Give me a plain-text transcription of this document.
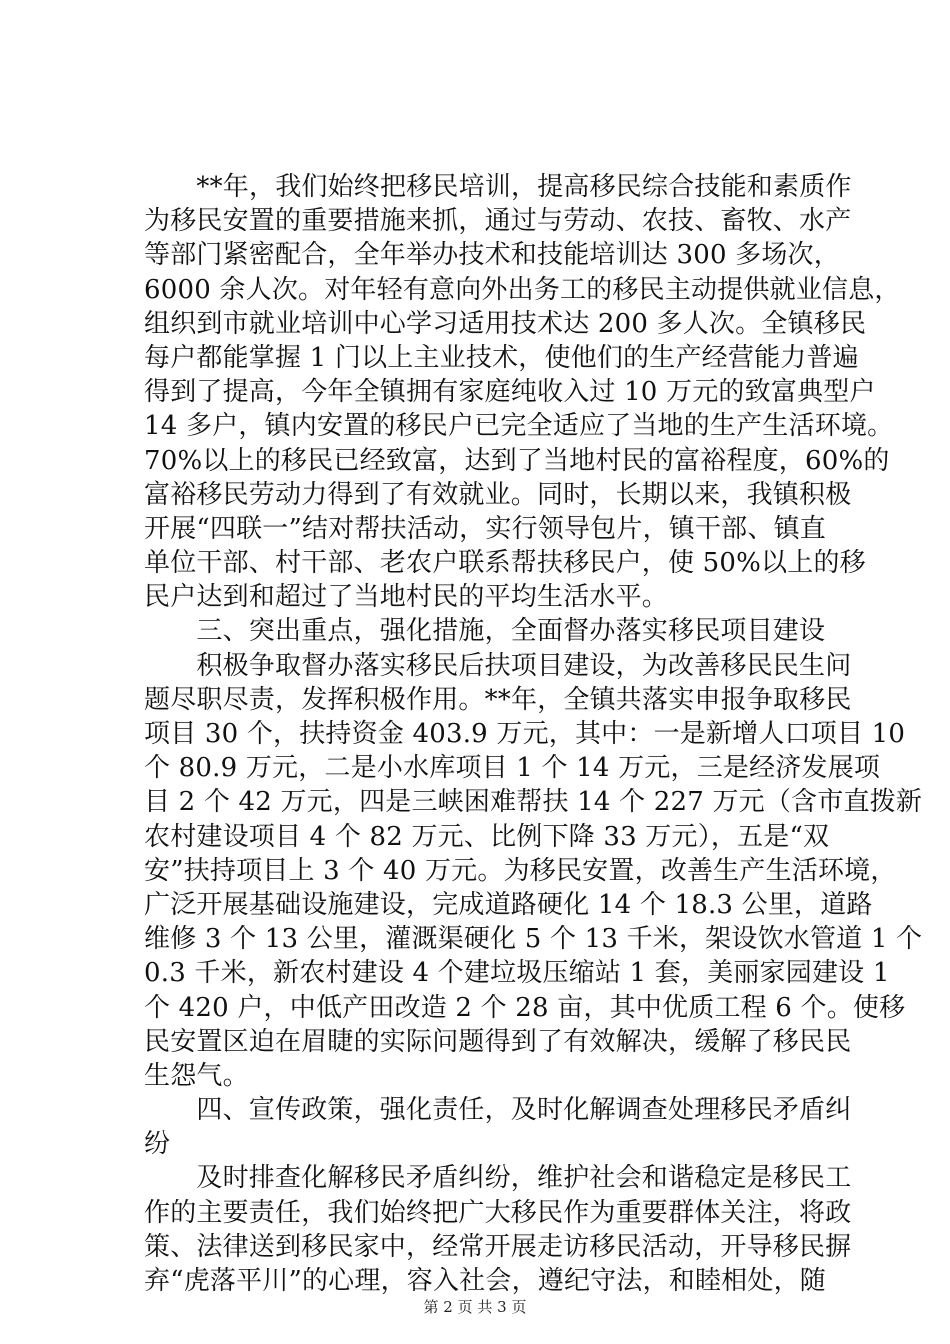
　　**年，我们始终把移民培训，提高移民综合技能和素质作
为移民安置的重要措施来抓，通过与劳动、农技、畜牧、水产
等部门紧密配合，全年举办技术和技能培训达 300 多场次，
6000 余人次。对年轻有意向外出务工的移民主动提供就业信息，
组织到市就业培训中心学习适用技术达 200 多人次。全镇移民
每户都能掌握 1 门以上主业技术，使他们的生产经营能力普遍
得到了提高，今年全镇拥有家庭纯收入过 10 万元的致富典型户
14 多户，镇内安置的移民户已完全适应了当地的生产生活环境。
70%以上的移民已经致富，达到了当地村民的富裕程度，60%的
富裕移民劳动力得到了有效就业。同时，长期以来，我镇积极
开展“四联一”结对帮扶活动，实行领导包片，镇干部、镇直
单位干部、村干部、老农户联系帮扶移民户，使 50%以上的移
民户达到和超过了当地村民的平均生活水平。
　　三、突出重点，强化措施，全面督办落实移民项目建设
　　积极争取督办落实移民后扶项目建设，为改善移民民生问
题尽职尽责，发挥积极作用。**年，全镇共落实申报争取移民
项目 30 个，扶持资金 403.9 万元，其中：一是新增人口项目 10
个 80.9 万元，二是小水库项目 1 个 14 万元，三是经济发展项
目 2 个 42 万元，四是三峡困难帮扶 14 个 227 万元（含市直拨新
农村建设项目 4 个 82 万元、比例下降 33 万元），五是“双
安”扶持项目上 3 个 40 万元。为移民安置，改善生产生活环境，
广泛开展基础设施建设，完成道路硬化 14 个 18.3 公里，道路
维修 3 个 13 公里，灌溉渠硬化 5 个 13 千米，架设饮水管道 1 个
0.3 千米，新农村建设 4 个建垃圾压缩站 1 套，美丽家园建设 1
个 420 户，中低产田改造 2 个 28 亩，其中优质工程 6 个。使移
民安置区迫在眉睫的实际问题得到了有效解决，缓解了移民民
生怨气。
　　四、宣传政策，强化责任，及时化解调查处理移民矛盾纠
纷
　　及时排查化解移民矛盾纠纷，维护社会和谐稳定是移民工
作的主要责任，我们始终把广大移民作为重要群体关注，将政
策、法律送到移民家中，经常开展走访移民活动，开导移民摒
弃“虎落平川”的心理，容入社会，遵纪守法，和睦相处，随
第 2 页 共 3 页
